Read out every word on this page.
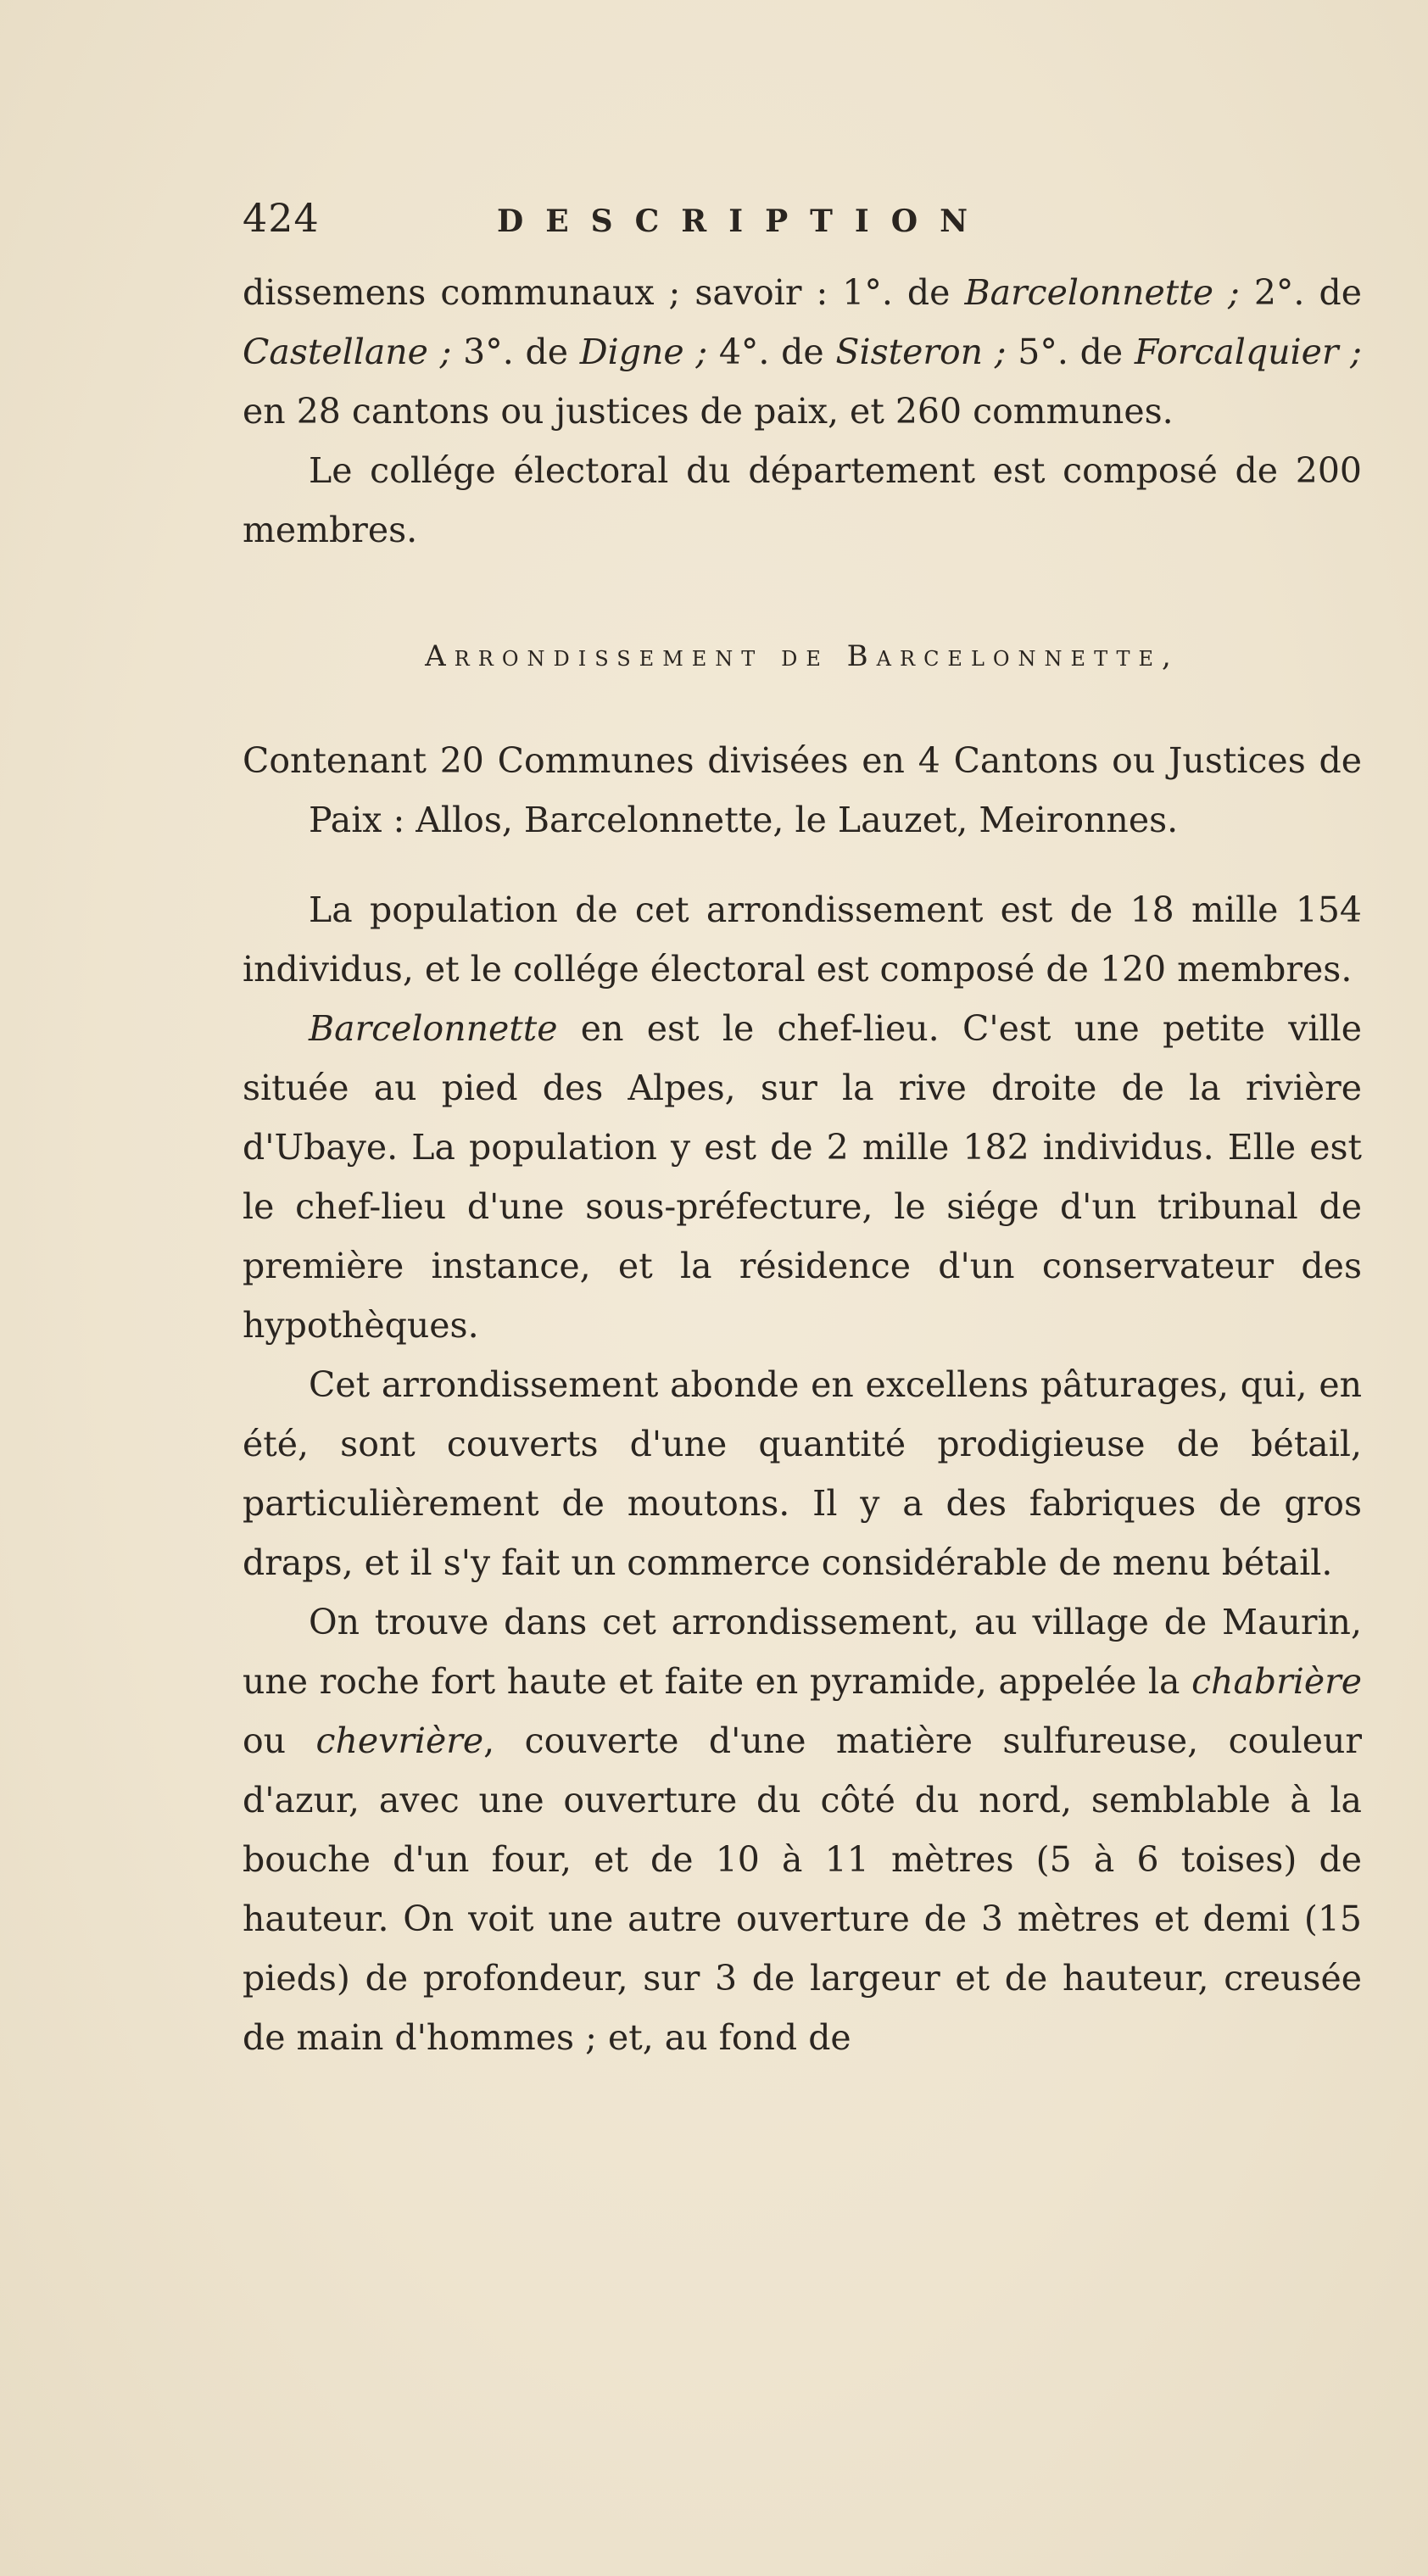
424	DESCRIPTION

dissemens communaux ; savoir : 1°. de Barcelonnette ; 2°. de Castellane ; 3°. de Digne ; 4°. de Sisteron ; 5°. de Forcalquier ; en 28 cantons ou justices de paix, et 260 communes.

Le collége électoral du département est composé de 200 membres.

Arrondissement de Barcelonnette,

Contenant 20 Communes divisées en 4 Cantons ou Justices de Paix : Allos, Barcelonnette, le Lauzet, Meironnes.

La population de cet arrondissement est de 18 mille 154 individus, et le collége électoral est composé de 120 membres.

Barcelonnette en est le chef-lieu. C'est une petite ville située au pied des Alpes, sur la rive droite de la rivière d'Ubaye. La population y est de 2 mille 182 individus. Elle est le chef-lieu d'une sous-préfecture, le siége d'un tribunal de première instance, et la résidence d'un conservateur des hypothèques.

Cet arrondissement abonde en excellens pâturages, qui, en été, sont couverts d'une quantité prodigieuse de bétail, particulièrement de moutons. Il y a des fabriques de gros draps, et il s'y fait un commerce considérable de menu bétail.

On trouve dans cet arrondissement, au village de Maurin, une roche fort haute et faite en pyramide, appelée la chabrière ou chevrière, couverte d'une matière sulfureuse, couleur d'azur, avec une ouverture du côté du nord, semblable à la bouche d'un four, et de 10 à 11 mètres (5 à 6 toises) de hauteur. On voit une autre ouverture de 3 mètres et demi (15 pieds) de profondeur, sur 3 de largeur et de hauteur, creusée de main d'hommes ; et, au fond de
